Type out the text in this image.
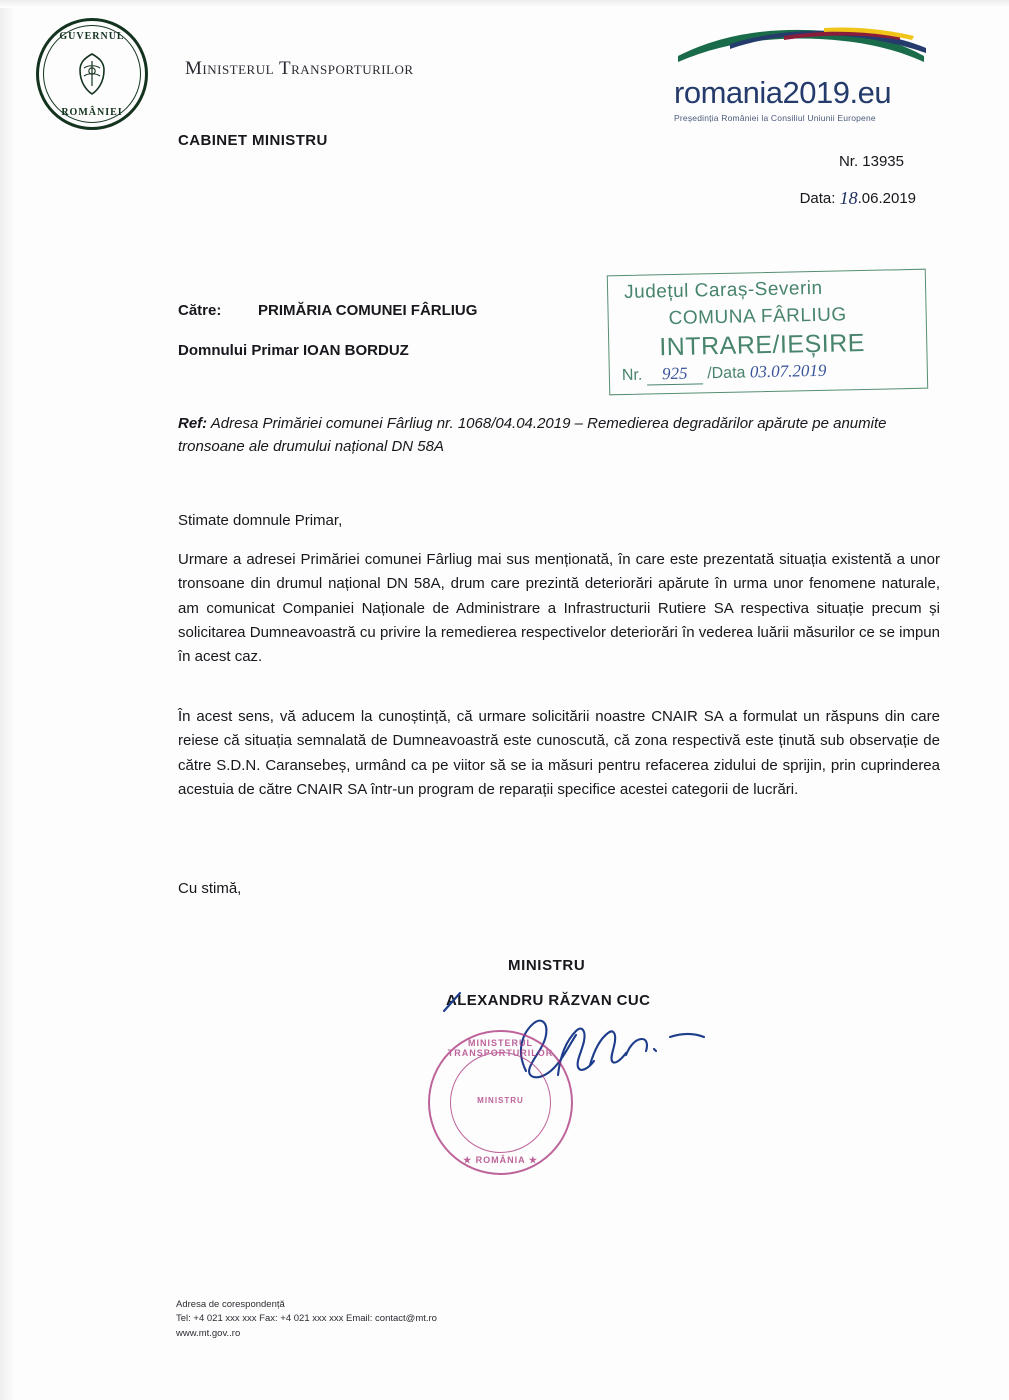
GUVERNUL
ROMÂNIEI
Ministerul Transporturilor
romania2019.eu
Președinția României la Consiliul Uniunii Europene
CABINET MINISTRU
Nr. 13935
Data: 18.06.2019
Către: PRIMĂRIA COMUNEI FÂRLIUG
Domnului Primar IOAN BORDUZ
Județul Caraș-Severin
COMUNA FÂRLIUG
INTRARE/IEȘIRE
Nr. 925 /Data 03.07.2019
Ref: Adresa Primăriei comunei Fârliug nr. 1068/04.04.2019 – Remedierea degradărilor apărute pe anumite tronsoane ale drumului național DN 58A
Stimate domnule Primar,
Urmare a adresei Primăriei comunei Fârliug mai sus menționată, în care este prezentată situația existentă a unor tronsoane din drumul național DN 58A, drum care prezintă deteriorări apărute în urma unor fenomene naturale, am comunicat Companiei Naționale de Administrare a Infrastructurii Rutiere SA respectiva situație precum și solicitarea Dumneavoastră cu privire la remedierea respectivelor deteriorări în vederea luării măsurilor ce se impun în acest caz.
În acest sens, vă aducem la cunoștință, că urmare solicitării noastre CNAIR SA a formulat un răspuns din care reiese că situația semnalată de Dumneavoastră este cunoscută, că zona respectivă este ținută sub observație de către S.D.N. Caransebeș, urmând ca pe viitor să se ia măsuri pentru refacerea zidului de sprijin, prin cuprinderea acestuia de către CNAIR SA într-un program de reparații specifice acestei categorii de lucrări.
Cu stimă,
MINISTRU
ALEXANDRU RĂZVAN CUC
MINISTERUL TRANSPORTURILOR
MINISTRU
★ ROMÂNIA ★
Adresa de corespondență
Tel: +4 021 xxx xxx Fax: +4 021 xxx xxx Email: contact@mt.ro
www.mt.gov..ro
